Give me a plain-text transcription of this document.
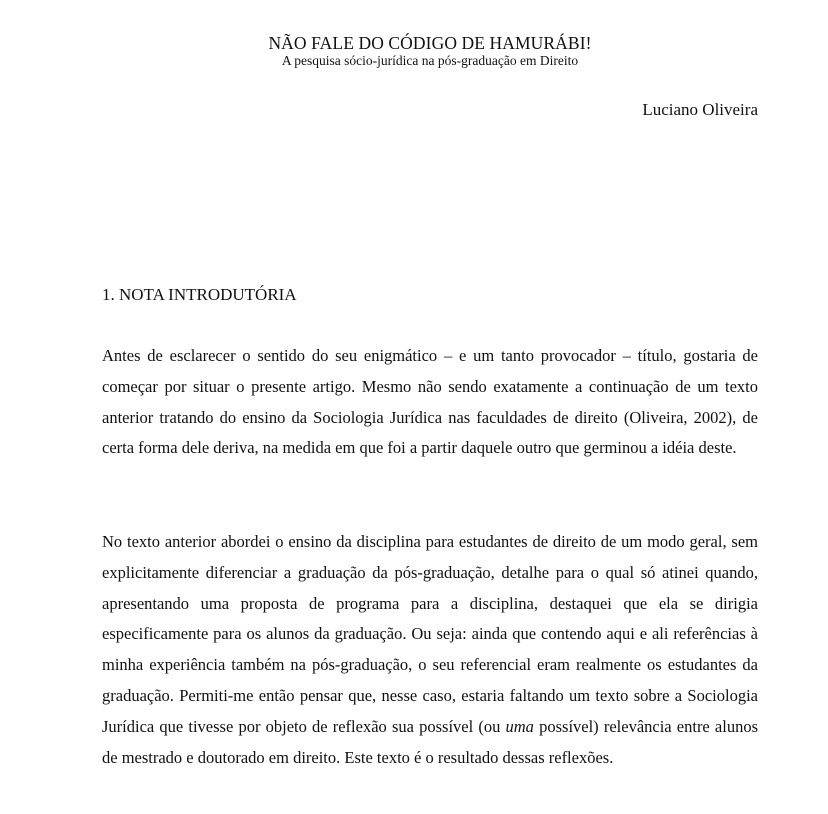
NÃO FALE DO CÓDIGO DE HAMURÁBI!
A pesquisa sócio-jurídica na pós-graduação em Direito
Luciano Oliveira
1. NOTA INTRODUTÓRIA

Antes de esclarecer o sentido do seu enigmático – e um tanto provocador – título, gostaria de começar por situar o presente artigo. Mesmo não sendo exatamente a continuação de um texto anterior tratando do ensino da Sociologia Jurídica nas faculdades de direito (Oliveira, 2002), de certa forma dele deriva, na medida em que foi a partir daquele outro que germinou a idéia deste.

No texto anterior abordei o ensino da disciplina para estudantes de direito de um modo geral, sem explicitamente diferenciar a graduação da pós-graduação, detalhe para o qual só atinei quando, apresentando uma proposta de programa para a disciplina, destaquei que ela se dirigia especificamente para os alunos da graduação. Ou seja: ainda que contendo aqui e ali referências à minha experiência também na pós-graduação, o seu referencial eram realmente os estudantes da graduação. Permiti-me então pensar que, nesse caso, estaria faltando um texto sobre a Sociologia Jurídica que tivesse por objeto de reflexão sua possível (ou uma possível) relevância entre alunos de mestrado e doutorado em direito. Este texto é o resultado dessas reflexões.
